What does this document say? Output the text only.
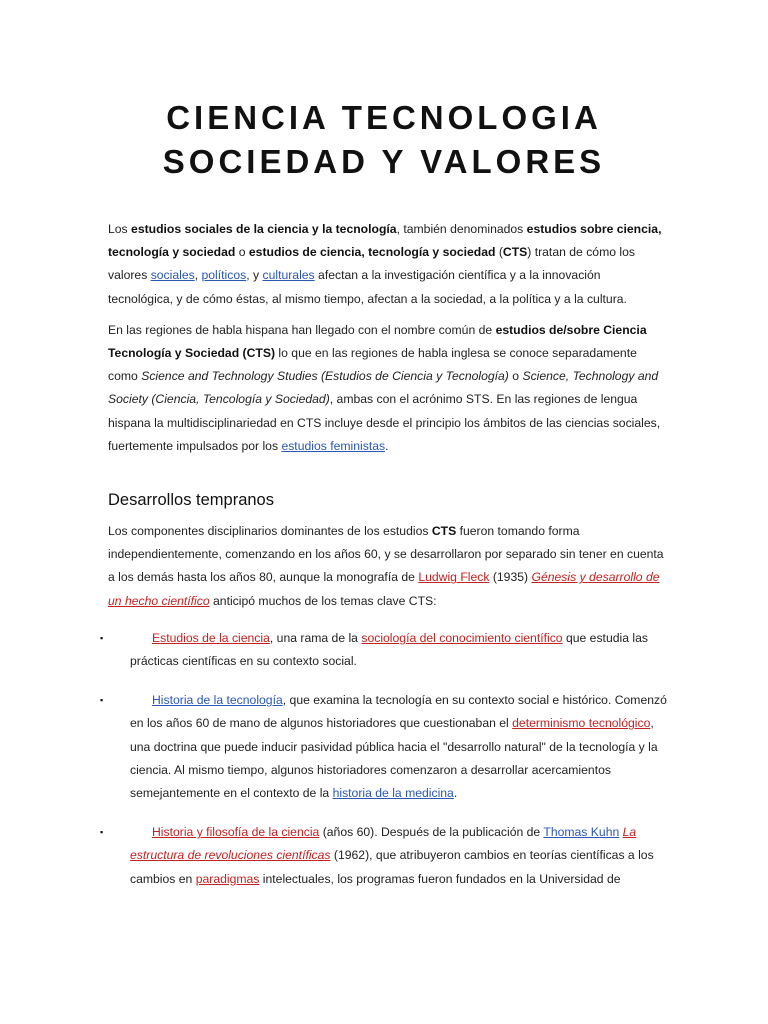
CIENCIA TECNOLOGIA
SOCIEDAD Y VALORES

Los estudios sociales de la ciencia y la tecnología, también denominados estudios sobre ciencia, tecnología y sociedad o estudios de ciencia, tecnología y sociedad (CTS) tratan de cómo los valores sociales, políticos, y culturales afectan a la investigación científica y a la innovación tecnológica, y de cómo éstas, al mismo tiempo, afectan a la sociedad, a la política y a la cultura.

En las regiones de habla hispana han llegado con el nombre común de estudios de/sobre Ciencia Tecnología y Sociedad (CTS) lo que en las regiones de habla inglesa se conoce separadamente como Science and Technology Studies (Estudios de Ciencia y Tecnología) o Science, Technology and Society (Ciencia, Tencología y Sociedad), ambas con el acrónimo STS. En las regiones de lengua hispana la multidisciplinariedad en CTS incluye desde el principio los ámbitos de las ciencias sociales, fuertemente impulsados por los estudios feministas.

Desarrollos tempranos

Los componentes disciplinarios dominantes de los estudios CTS fueron tomando forma independientemente, comenzando en los años 60, y se desarrollaron por separado sin tener en cuenta a los demás hasta los años 80, aunque la monografía de Ludwig Fleck (1935) Génesis y desarrollo de un hecho científico anticipó muchos de los temas clave CTS:

▪	Estudios de la ciencia, una rama de la sociología del conocimiento científico que estudia las prácticas científicas en su contexto social.
▪	Historia de la tecnología, que examina la tecnología en su contexto social e histórico. Comenzó en los años 60 de mano de algunos historiadores que cuestionaban el determinismo tecnológico, una doctrina que puede inducir pasividad pública hacia el "desarrollo natural" de la tecnología y la ciencia. Al mismo tiempo, algunos historiadores comenzaron a desarrollar acercamientos semejantemente en el contexto de la historia de la medicina.
▪	Historia y filosofía de la ciencia (años 60). Después de la publicación de Thomas Kuhn La estructura de revoluciones científicas (1962), que atribuyeron cambios en teorías científicas a los cambios en paradigmas intelectuales, los programas fueron fundados en la Universidad de
